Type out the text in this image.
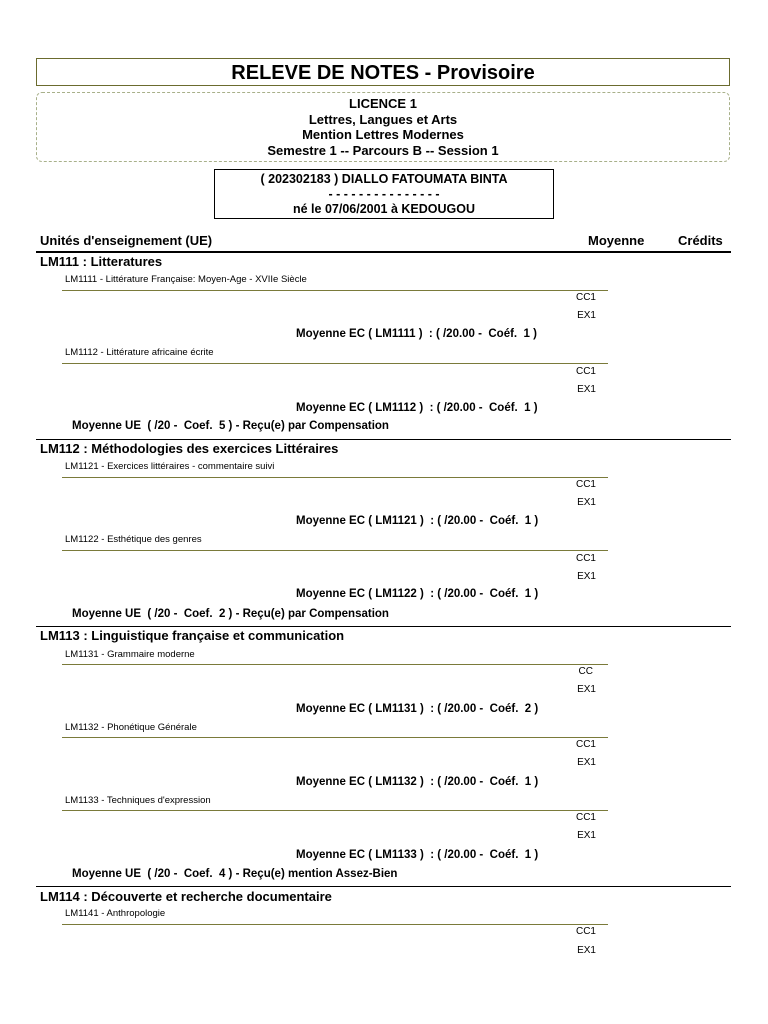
RELEVE DE NOTES - Provisoire
LICENCE 1
Lettres, Langues et Arts
Mention Lettres Modernes
Semestre 1 -- Parcours B -- Session 1
( 202302183 ) DIALLO FATOUMATA BINTA
- - - - - - - - - - - - - - -
né le 07/06/2001 à KEDOUGOU
Unités d'enseignement (UE)	Moyenne	Crédits
LM111 : Litteratures
LM1111 - Littérature Française: Moyen-Age - XVIIe Siècle
CC1
EX1
Moyenne EC ( LM1111 )  : ( /20.00 -  Coéf.  1 )
LM1112 - Littérature africaine écrite
CC1
EX1
Moyenne EC ( LM1112 )  : ( /20.00 -  Coéf.  1 )
Moyenne UE  ( /20 -  Coef.  5 ) - Reçu(e) par Compensation
LM112 : Méthodologies des exercices Littéraires
LM1121 - Exercices littéraires - commentaire suivi
CC1
EX1
Moyenne EC ( LM1121 )  : ( /20.00 -  Coéf.  1 )
LM1122 - Esthétique des genres
CC1
EX1
Moyenne EC ( LM1122 )  : ( /20.00 -  Coéf.  1 )
Moyenne UE  ( /20 -  Coef.  2 ) - Reçu(e) par Compensation
LM113 : Linguistique française et communication
LM1131 - Grammaire moderne
CC
EX1
Moyenne EC ( LM1131 )  : ( /20.00 -  Coéf.  2 )
LM1132 - Phonétique Générale
CC1
EX1
Moyenne EC ( LM1132 )  : ( /20.00 -  Coéf.  1 )
LM1133 - Techniques d'expression
CC1
EX1
Moyenne EC ( LM1133 )  : ( /20.00 -  Coéf.  1 )
Moyenne UE  ( /20 -  Coef.  4 ) - Reçu(e) mention Assez-Bien
LM114 : Découverte et recherche documentaire
LM1141 - Anthropologie
CC1
EX1
